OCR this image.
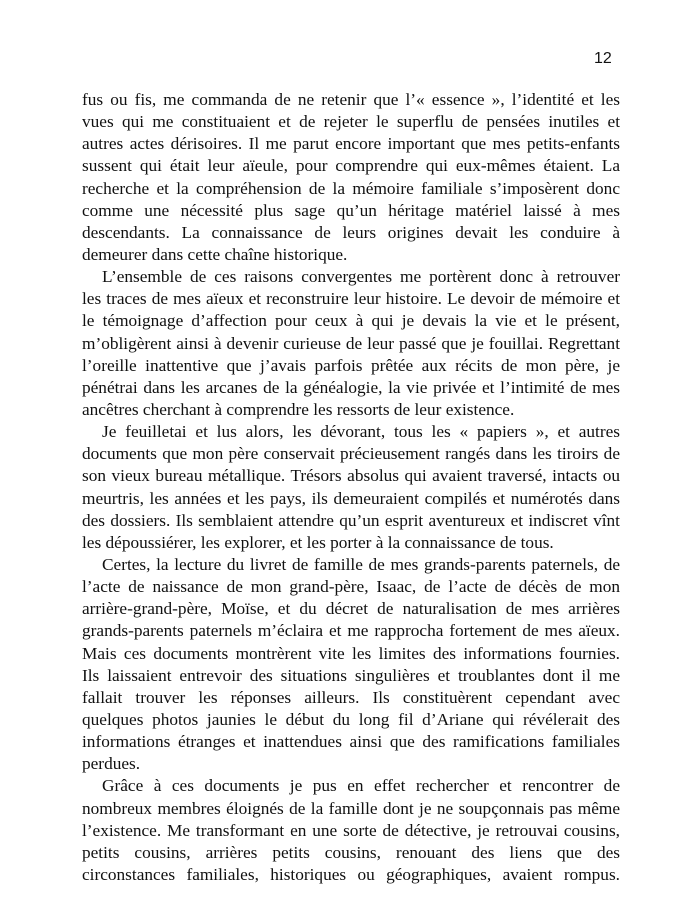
12
fus ou fis, me commanda de ne retenir que l’« essence », l’identité et les
vues qui me constituaient et de rejeter le superflu de pensées inutiles et
autres actes dérisoires. Il me parut encore important que mes petits-enfants
sussent qui était leur aïeule, pour comprendre qui eux-mêmes étaient. La
recherche et la compréhension de la mémoire familiale s’imposèrent donc
comme une nécessité plus sage qu’un héritage matériel laissé à mes
descendants. La connaissance de leurs origines devait les conduire à
demeurer dans cette chaîne historique.
L’ensemble de ces raisons convergentes me portèrent donc à retrouver
les traces de mes aïeux et reconstruire leur histoire. Le devoir de mémoire et
le témoignage d’affection pour ceux à qui je devais la vie et le présent,
m’obligèrent ainsi à devenir curieuse de leur passé que je fouillai. Regrettant
l’oreille inattentive que j’avais parfois prêtée aux récits de mon père, je
pénétrai dans les arcanes de la généalogie, la vie privée et l’intimité de mes
ancêtres cherchant à comprendre les ressorts de leur existence.
Je feuilletai et lus alors, les dévorant, tous les « papiers », et autres
documents que mon père conservait précieusement rangés dans les tiroirs de
son vieux bureau métallique. Trésors absolus qui avaient traversé, intacts ou
meurtris, les années et les pays, ils demeuraient compilés et numérotés dans
des dossiers. Ils semblaient attendre qu’un esprit aventureux et indiscret vînt
les dépoussiérer, les explorer, et les porter à la connaissance de tous.
Certes, la lecture du livret de famille de mes grands-parents paternels, de
l’acte de naissance de mon grand-père, Isaac, de l’acte de décès de mon
arrière-grand-père, Moïse, et du décret de naturalisation de mes arrières
grands-parents paternels m’éclaira et me rapprocha fortement de mes aïeux.
Mais ces documents montrèrent vite les limites des informations fournies.
Ils laissaient entrevoir des situations singulières et troublantes dont il me
fallait trouver les réponses ailleurs. Ils constituèrent cependant avec
quelques photos jaunies le début du long fil d’Ariane qui révélerait des
informations étranges et inattendues ainsi que des ramifications familiales
perdues.
Grâce à ces documents je pus en effet rechercher et rencontrer de
nombreux membres éloignés de la famille dont je ne soupçonnais pas même
l’existence. Me transformant en une sorte de détective, je retrouvai cousins,
petits cousins, arrières petits cousins, renouant des liens que des
circonstances familiales, historiques ou géographiques, avaient rompus.
